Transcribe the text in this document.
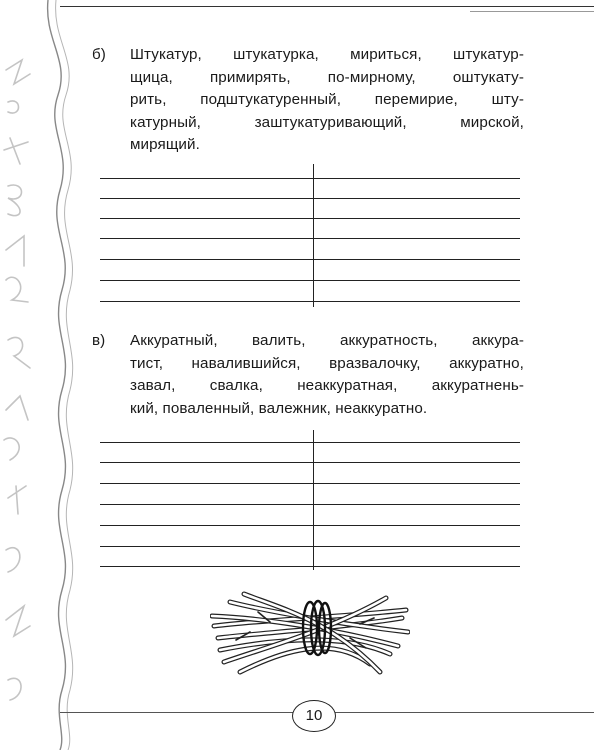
б) Штукатур, штукатурка, мириться, штукатур-
щица, примирять, по-мирному, оштукату-
рить, подштукатуренный, перемирие, шту-
катурный, заштукатуривающий, мирской,
мирящий.
в) Аккуратный, валить, аккуратность, аккура-
тист, навалившийся, вразвалочку, аккуратно,
завал, свалка, неаккуратная, аккуратнень-
кий, поваленный, валежник, неаккуратно.
10
